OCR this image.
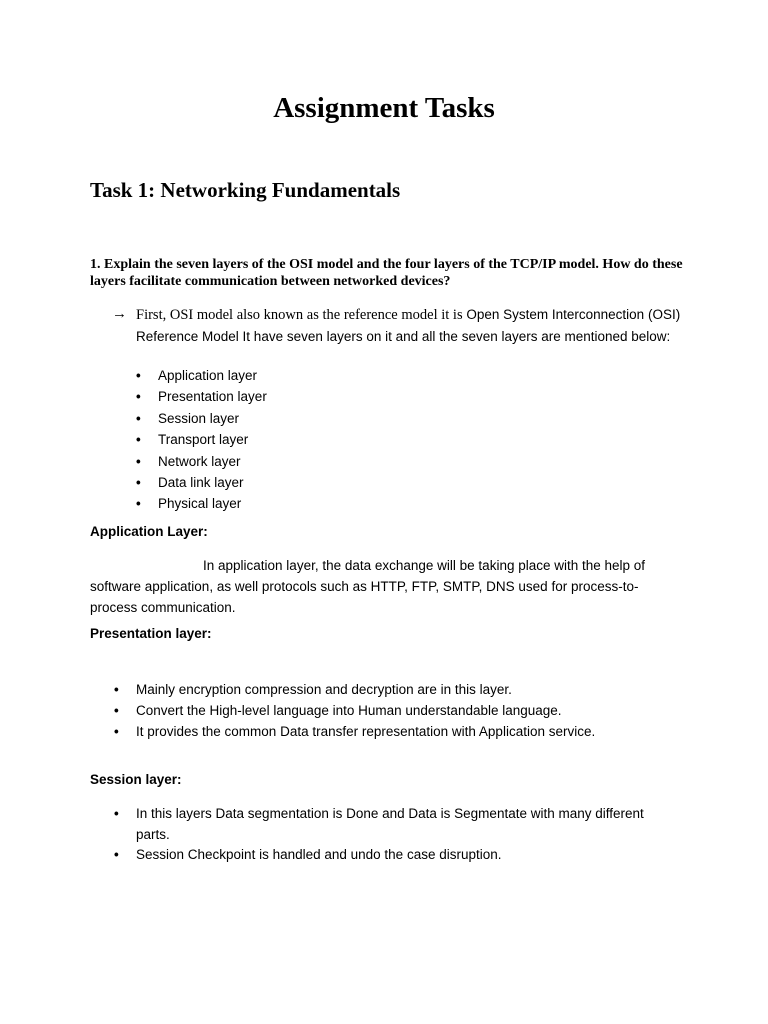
Assignment Tasks
Task 1: Networking Fundamentals
1. Explain the seven layers of the OSI model and the four layers of the TCP/IP model. How do these layers facilitate communication between networked devices?
→ First, OSI model also known as the reference model it is Open System Interconnection (OSI) Reference Model It have seven layers on it and all the seven layers are mentioned below:
• Application layer
• Presentation layer
• Session layer
• Transport layer
• Network layer
• Data link layer
• Physical layer
Application Layer:
In application layer, the data exchange will be taking place with the help of software application, as well protocols such as HTTP, FTP, SMTP, DNS used for process-to-process communication.
Presentation layer:
• Mainly encryption compression and decryption are in this layer.
• Convert the High-level language into Human understandable language.
• It provides the common Data transfer representation with Application service.
Session layer:
• In this layers Data segmentation is Done and Data is Segmentate with many different parts.
• Session Checkpoint is handled and undo the case disruption.
